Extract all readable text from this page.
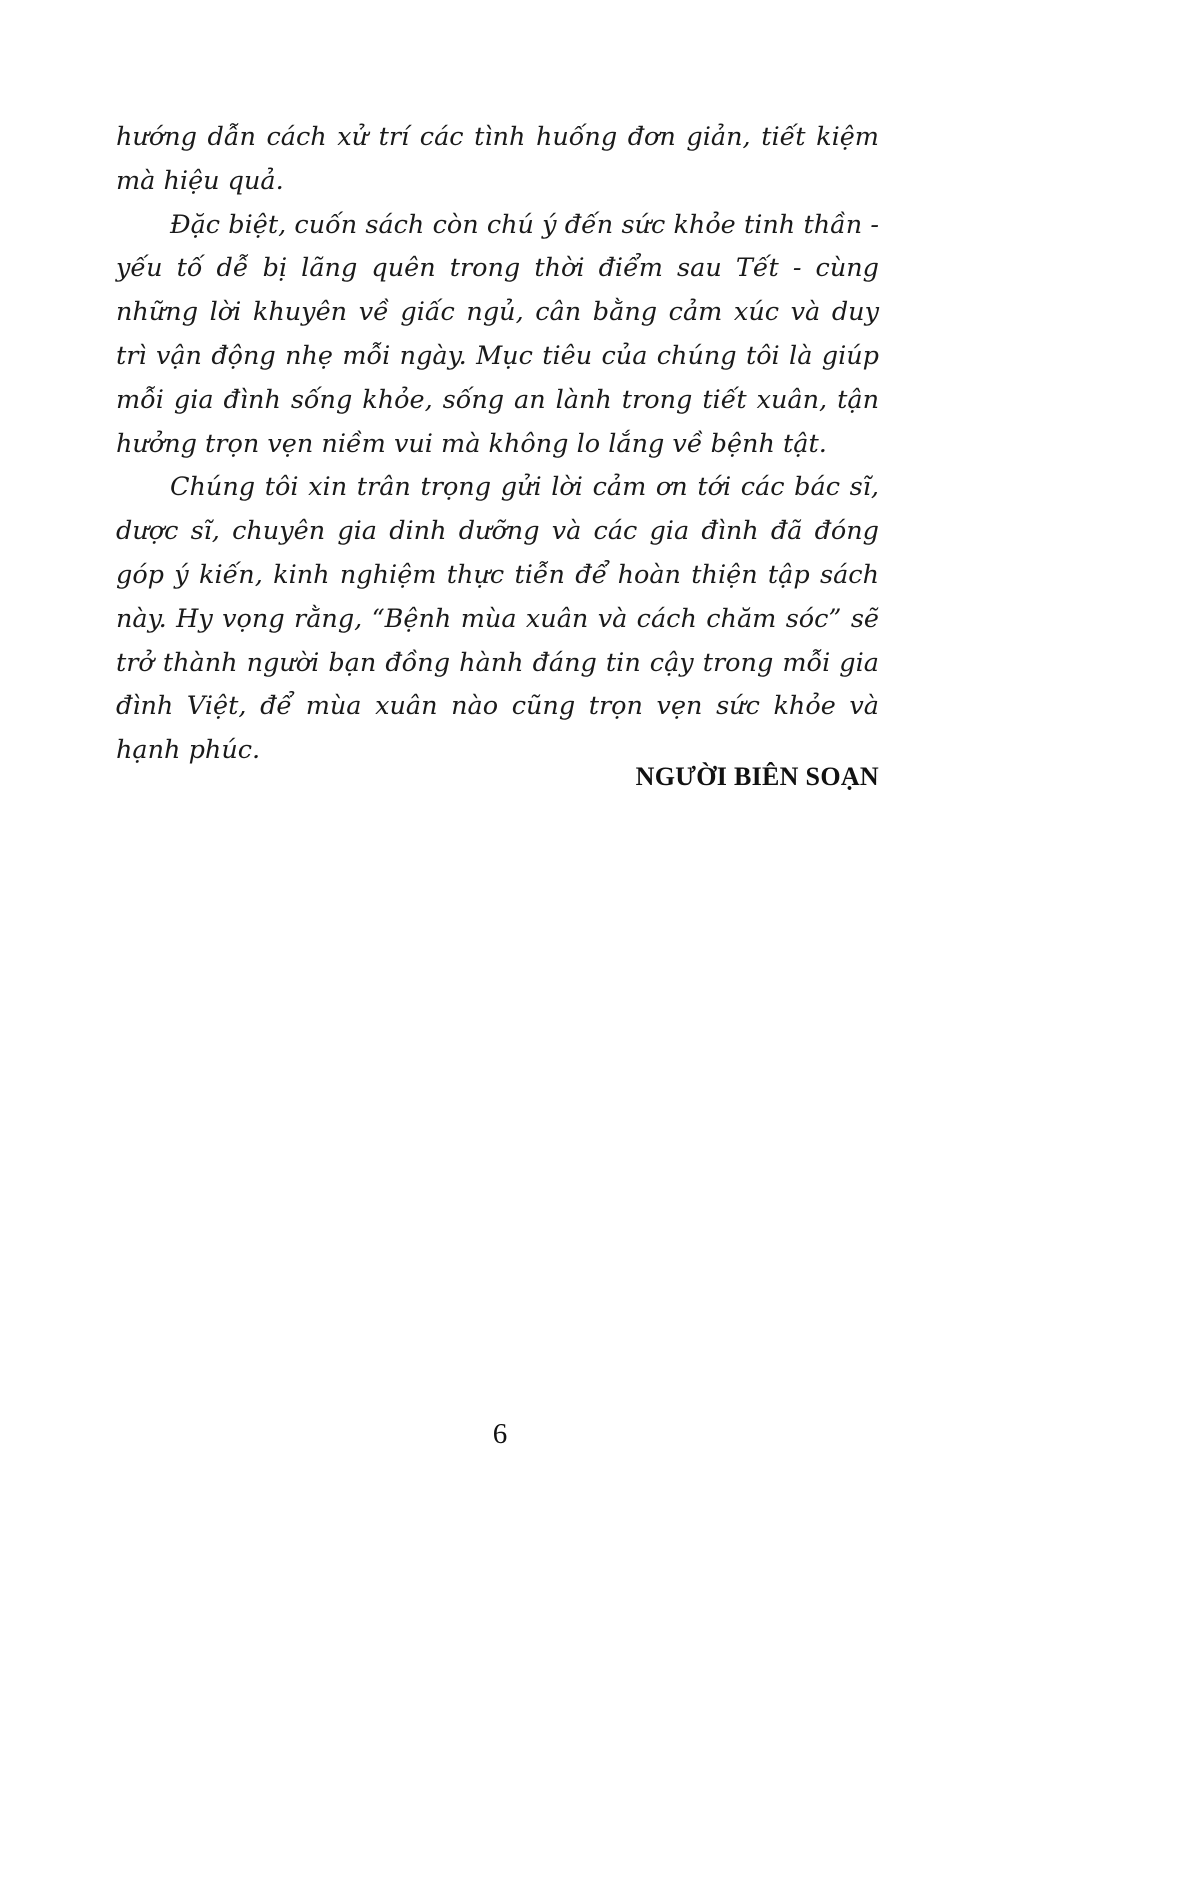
hướng dẫn cách xử trí các tình huống đơn giản, tiết kiệm mà hiệu quả.

Đặc biệt, cuốn sách còn chú ý đến sức khỏe tinh thần - yếu tố dễ bị lãng quên trong thời điểm sau Tết - cùng những lời khuyên về giấc ngủ, cân bằng cảm xúc và duy trì vận động nhẹ mỗi ngày. Mục tiêu của chúng tôi là giúp mỗi gia đình sống khỏe, sống an lành trong tiết xuân, tận hưởng trọn vẹn niềm vui mà không lo lắng về bệnh tật.

Chúng tôi xin trân trọng gửi lời cảm ơn tới các bác sĩ, dược sĩ, chuyên gia dinh dưỡng và các gia đình đã đóng góp ý kiến, kinh nghiệm thực tiễn để hoàn thiện tập sách này. Hy vọng rằng, “Bệnh mùa xuân và cách chăm sóc” sẽ trở thành người bạn đồng hành đáng tin cậy trong mỗi gia đình Việt, để mùa xuân nào cũng trọn vẹn sức khỏe và hạnh phúc.

NGƯỜI BIÊN SOẠN
6
